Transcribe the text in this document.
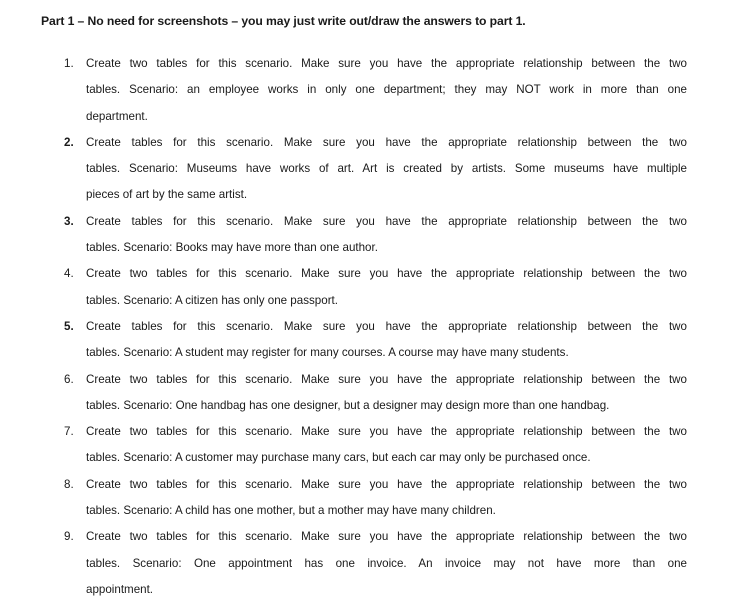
Part 1 – No need for screenshots – you may just write out/draw the answers to part 1.
1. Create two tables for this scenario. Make sure you have the appropriate relationship between the two
tables. Scenario: an employee works in only one department; they may NOT work in more than one
department.
2. Create tables for this scenario. Make sure you have the appropriate relationship between the two
tables. Scenario: Museums have works of art. Art is created by artists. Some museums have multiple
pieces of art by the same artist.
3. Create tables for this scenario. Make sure you have the appropriate relationship between the two
tables. Scenario: Books may have more than one author.
4. Create two tables for this scenario. Make sure you have the appropriate relationship between the two
tables. Scenario: A citizen has only one passport.
5. Create tables for this scenario. Make sure you have the appropriate relationship between the two
tables. Scenario: A student may register for many courses. A course may have many students.
6. Create two tables for this scenario. Make sure you have the appropriate relationship between the two
tables. Scenario: One handbag has one designer, but a designer may design more than one handbag.
7. Create two tables for this scenario. Make sure you have the appropriate relationship between the two
tables. Scenario: A customer may purchase many cars, but each car may only be purchased once.
8. Create two tables for this scenario. Make sure you have the appropriate relationship between the two
tables. Scenario: A child has one mother, but a mother may have many children.
9. Create two tables for this scenario. Make sure you have the appropriate relationship between the two
tables. Scenario: One appointment has one invoice. An invoice may not have more than one
appointment.
